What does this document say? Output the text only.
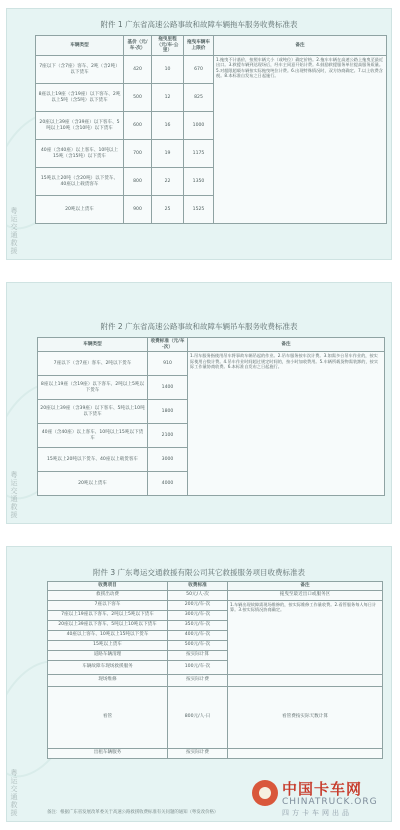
附件 1 广东省高速公路事故和故障车辆拖车服务收费标准表
车辆类型	基价（元/车·次）	拖曳里程（元/车·公里）	拖曳车辆车上限价	备注
7座以下（含7座）客车、2吨（含2吨）以下货车	420	10	670	1.拖曳不计基价，按照车辆大小（或吨位）确定价格。2.拖车车辆在高速公路上拖曳至最近出口。3.救援车辆到达现场后，经车主同意开始计费。4.鼓励救援服务单位提高服务质量。5.对超限超载车辆按实际拖曳吨位计费。6.出现特殊情况时，双方协商确定。7.以上收费含税。8.本标准自发布之日起施行。
8座以上19座（含19座）以下客车、2吨以上5吨（含5吨）以下货车	500	12	825	
20座以上39座（含39座）以下客车、5吨以上10吨（含10吨）以下货车	600	16	1000	
40座（含40座）以上客车、10吨以上15吨（含15吨）以下货车	700	19	1175	
15吨以上20吨（含20吨）以下货车、40座以上载货客车	800	22	1350	
20吨以上货车	900	25	1525	
粤运交通救援
附件 2 广东省高速公路事故和故障车辆吊车服务收费标准表
车辆类型	收费标准（元/车·次）	备注
7座以下（含7座）客车、2吨以下货车	910	1.吊车服务指使用吊车将事故车辆吊起的作业。2.吊车服务按车次计费。3.如需多台吊车作业的，按实际使用台数计费。4.吊车作业时间超过规定时间的，按小时加收费用。5.车辆所载货物需装卸的，按实际工作量协商收费。6.本标准自发布之日起施行。
8座以上19座（含19座）以下客车、2吨以上5吨以下货车	1400	
20座以上39座（含39座）以下客车、5吨以上10吨以下货车	1800	
40座（含40座）以上客车、10吨以上15吨以下货车	2100	
15吨以上20吨以下货车、40座以上载货客车	3000	
20吨以上货车	4000	
粤运交通救援
附件 3 广东粤运交通救援有限公司其它救援服务项目收费标准表
收费项目	收费标准	备注
救援出动费	50元/人·次	拖曳至最近出口或服务区
7座以下客车	200元/车·次	1.车辆出现故障需现场维修的，按实际维修工作量收费。2.看管服务每人每日计算。3.按实际情况协商确定。
7座以上19座以下客车、2吨以上5吨以下货车	300元/车·次	
20座以上39座以下客车、5吨以上10吨以下货车	350元/车·次	
40座以上客车、10吨以上15吨以下货车	400元/车·次	
15吨以上货车	500元/车·次	
道路车辆清理	按实际计算	
车辆故障车现场救援服务	100元/车·次	
现场维修	按实际计费	
看管	800元/人·日	看管费按实际天数计算
出租车辆服务	按实际计费	
备注：根据广东省发展改革委关于高速公路救援收费标准有关问题的通知（粤发改价格）
粤运交通救援	中国卡车网
CHINATRUCK.ORG
四方卡车网出品
